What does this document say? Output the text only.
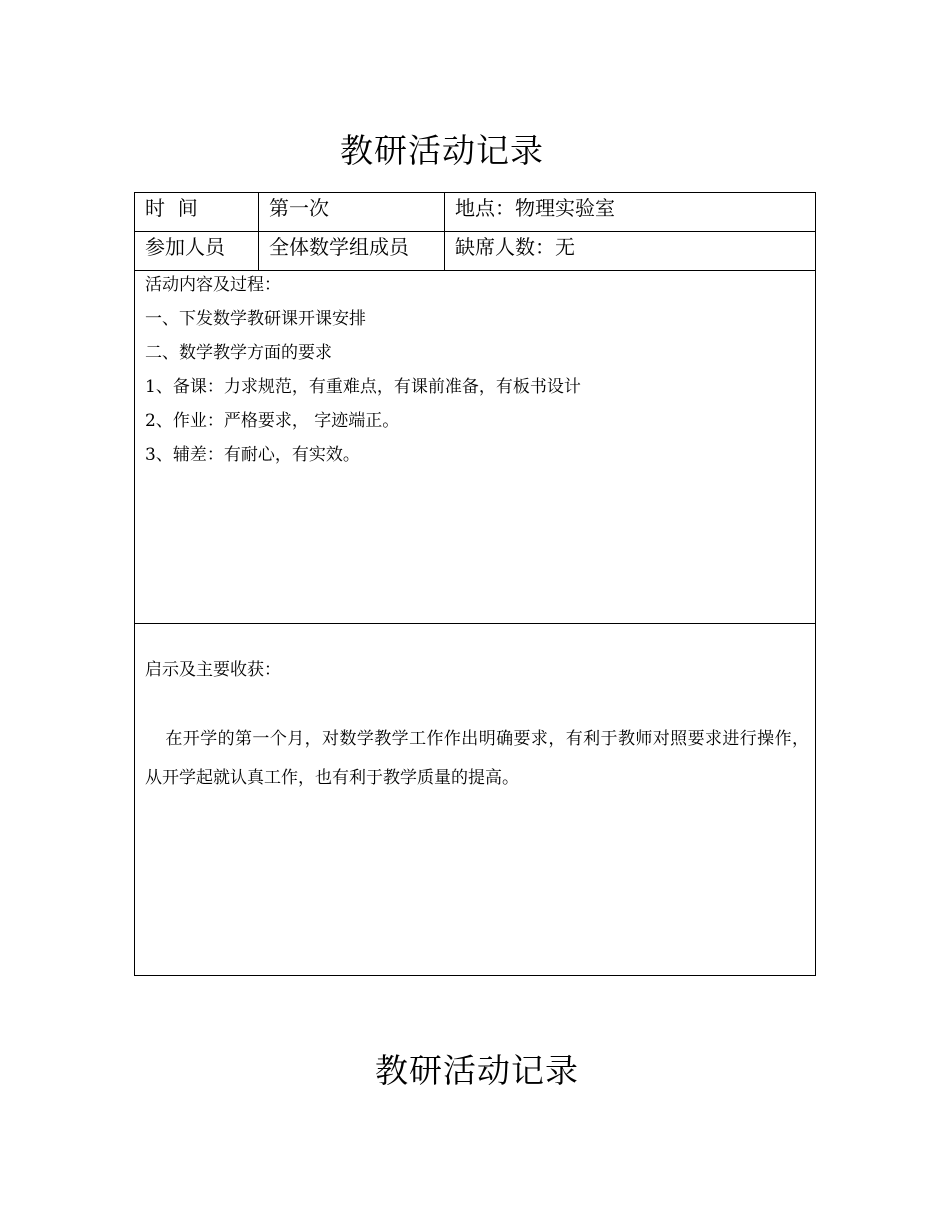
教研活动记录
时  间	第一次	地点：物理实验室
参加人员	全体数学组成员	缺席人数：无
活动内容及过程：
一、下发数学教研课开课安排
二、数学教学方面的要求
1、备课：力求规范，有重难点，有课前准备，有板书设计
2、作业：严格要求， 字迹端正。
3、辅差：有耐心，有实效。
启示及主要收获：
在开学的第一个月，对数学教学工作作出明确要求，有利于教师对照要求进行操作，从开学起就认真工作，也有利于教学质量的提高。
教研活动记录
